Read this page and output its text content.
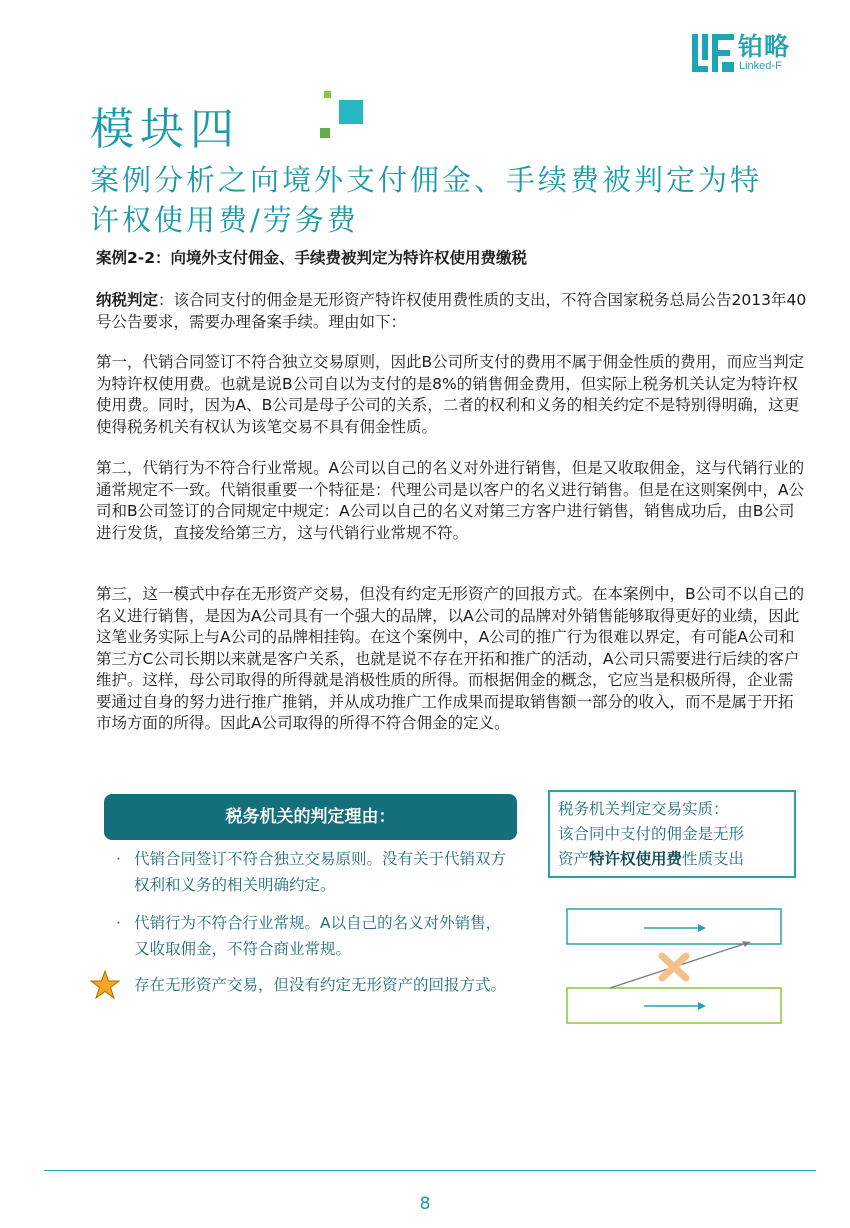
铂略
Linked-F
模块四
案例分析之向境外支付佣金、手续费被判定为特许权使用费/劳务费
案例2-2：向境外支付佣金、手续费被判定为特许权使用费缴税

纳税判定：该合同支付的佣金是无形资产特许权使用费性质的支出，不符合国家税务总局公告2013年40号公告要求，需要办理备案手续。理由如下：

第一，代销合同签订不符合独立交易原则，因此B公司所支付的费用不属于佣金性质的费用，而应当判定为特许权使用费。也就是说B公司自以为支付的是8%的销售佣金费用，但实际上税务机关认定为特许权使用费。同时，因为A、B公司是母子公司的关系，二者的权利和义务的相关约定不是特别得明确，这更使得税务机关有权认为该笔交易不具有佣金性质。

第二，代销行为不符合行业常规。A公司以自己的名义对外进行销售，但是又收取佣金，这与代销行业的通常规定不一致。代销很重要一个特征是：代理公司是以客户的名义进行销售。但是在这则案例中，A公司和B公司签订的合同规定中规定：A公司以自己的名义对第三方客户进行销售，销售成功后，由B公司进行发货，直接发给第三方，这与代销行业常规不符。

第三，这一模式中存在无形资产交易，但没有约定无形资产的回报方式。在本案例中，B公司不以自己的名义进行销售，是因为A公司具有一个强大的品牌，以A公司的品牌对外销售能够取得更好的业绩，因此这笔业务实际上与A公司的品牌相挂钩。在这个案例中，A公司的推广行为很难以界定，有可能A公司和第三方C公司长期以来就是客户关系，也就是说不存在开拓和推广的活动，A公司只需要进行后续的客户维护。这样，母公司取得的所得就是消极性质的所得。而根据佣金的概念，它应当是积极所得，企业需要通过自身的努力进行推广推销，并从成功推广工作成果而提取销售额一部分的收入，而不是属于开拓市场方面的所得。因此A公司取得的所得不符合佣金的定义。

税务机关的判定理由：
· 代销合同签订不符合独立交易原则。没有关于代销双方权利和义务的相关明确约定。
· 代销行为不符合行业常规。A以自己的名义对外销售，又收取佣金，不符合商业常规。
存在无形资产交易，但没有约定无形资产的回报方式。
税务机关判定交易实质：
该合同中支付的佣金是无形
资产特许权使用费性质支出
8
